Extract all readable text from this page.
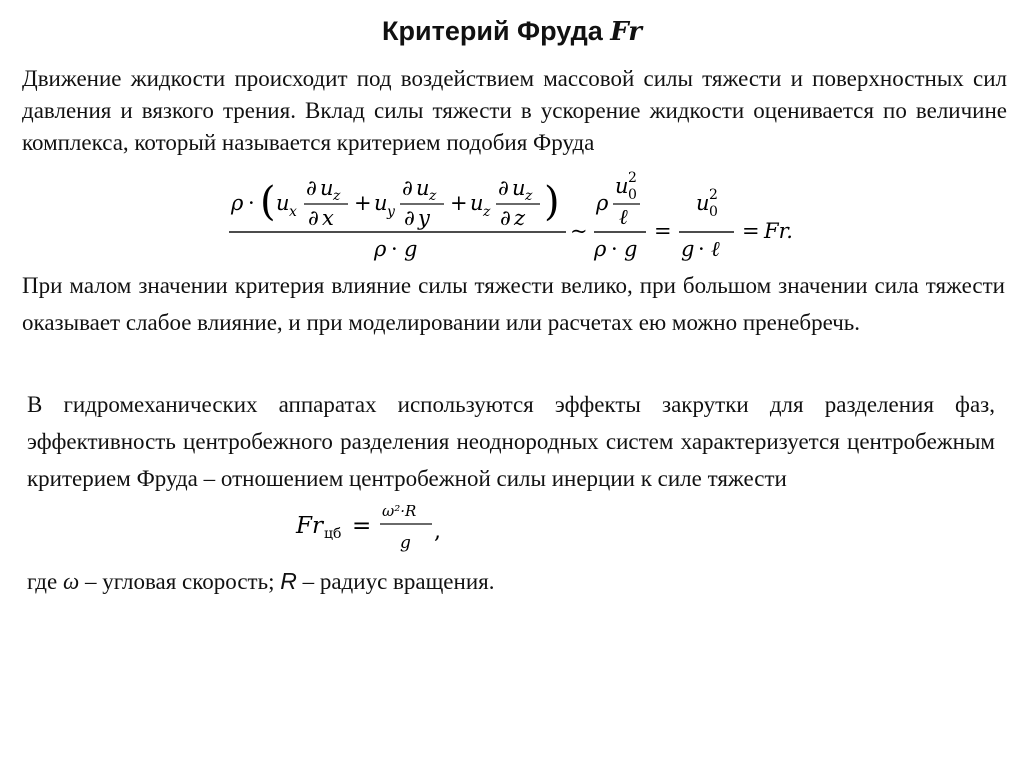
Критерий Фруда Fr

Движение жидкости происходит под воздействием массовой силы тяжести и поверхностных сил давления и вязкого трения. Вклад силы тяжести в ускорение жидкости оценивается по величине комплекса, который называется критерием подобия Фруда

ρ · ( u x
∂ u z
∂ x
+ u y
∂ u z
∂ y
+ u z
∂ u z
∂ z )
ρ · g
~
ρ
u 2
0
ℓ
ρ · g
=
u 2
0
g · ℓ
= Fr.

При малом значении критерия влияние силы тяжести велико, при большом значении сила тяжести оказывает слабое влияние, и при моделировании или расчетах ею можно пренебречь.

В гидромеханических аппаратах используются эффекты закрутки для разделения фаз, эффективность центробежного разделения неоднородных систем характеризуется центробежным критерием Фруда – отношением центробежной силы инерции к силе тяжести

Fr цб =
ω²·R
g ,

где ω – угловая скорость; R – радиус вращения.
